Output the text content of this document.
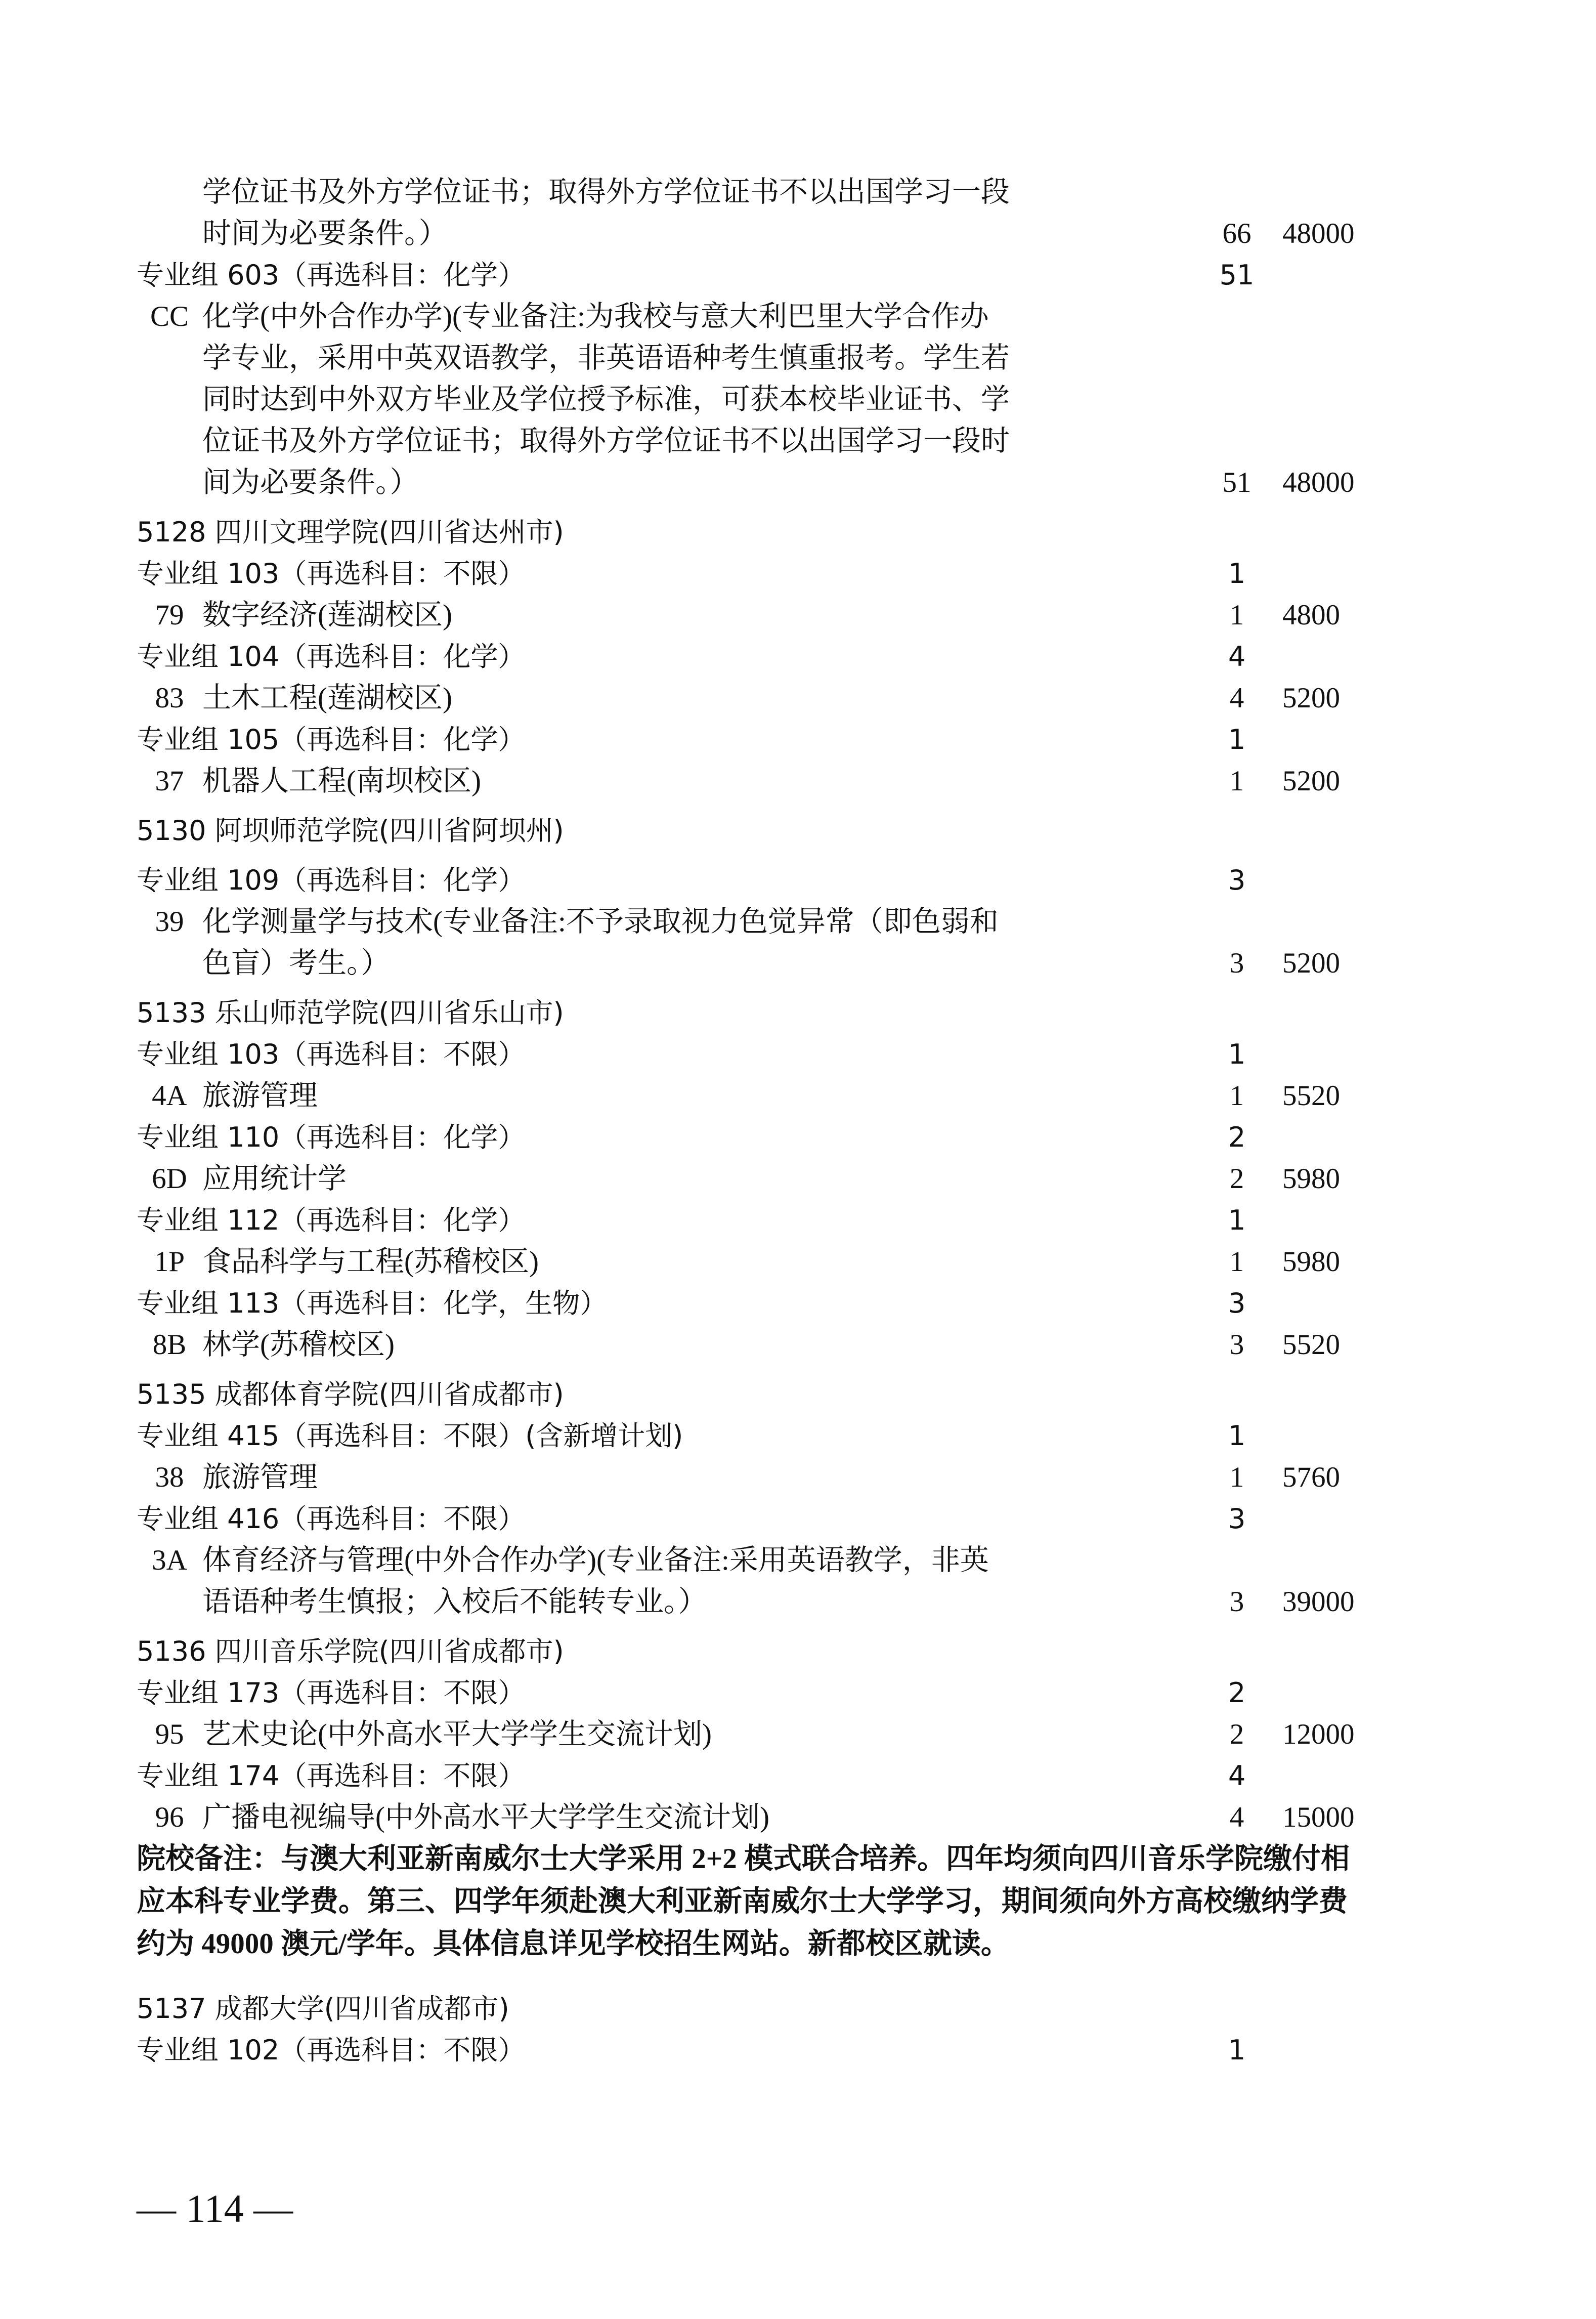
学位证书及外方学位证书；取得外方学位证书不以出国学习一段
时间为必要条件。）	66	48000
专业组 603（再选科目：化学）	51
CC 化学(中外合作办学)(专业备注:为我校与意大利巴里大学合作办
学专业，采用中英双语教学，非英语语种考生慎重报考。学生若
同时达到中外双方毕业及学位授予标准，可获本校毕业证书、学
位证书及外方学位证书；取得外方学位证书不以出国学习一段时
间为必要条件。）	51	48000
5128 四川文理学院(四川省达州市)
专业组 103（再选科目：不限）	1
79 数字经济(莲湖校区)	1	4800
专业组 104（再选科目：化学）	4
83 土木工程(莲湖校区)	4	5200
专业组 105（再选科目：化学）	1
37 机器人工程(南坝校区)	1	5200
5130 阿坝师范学院(四川省阿坝州)
专业组 109（再选科目：化学）	3
39 化学测量学与技术(专业备注:不予录取视力色觉异常（即色弱和
色盲）考生。）	3	5200
5133 乐山师范学院(四川省乐山市)
专业组 103（再选科目：不限）	1
4A 旅游管理	1	5520
专业组 110（再选科目：化学）	2
6D 应用统计学	2	5980
专业组 112（再选科目：化学）	1
1P 食品科学与工程(苏稽校区)	1	5980
专业组 113（再选科目：化学，生物）	3
8B 林学(苏稽校区)	3	5520
5135 成都体育学院(四川省成都市)
专业组 415（再选科目：不限）(含新增计划)	1
38 旅游管理	1	5760
专业组 416（再选科目：不限）	3
3A 体育经济与管理(中外合作办学)(专业备注:采用英语教学，非英
语语种考生慎报；入校后不能转专业。）	3	39000
5136 四川音乐学院(四川省成都市)
专业组 173（再选科目：不限）	2
95 艺术史论(中外高水平大学学生交流计划)	2	12000
专业组 174（再选科目：不限）	4
96 广播电视编导(中外高水平大学学生交流计划)	4	15000
5137 成都大学(四川省成都市)
专业组 102（再选科目：不限）	1
院校备注： 与澳大利亚新南威尔士大学采用 2+2 模式联合培养。四年均须向四川音乐学院缴付相
应本科专业学费。第三、四学年须赴澳大利亚新南威尔士大学学习，期间须向外方高校缴纳学费
约为 49000 澳元/学年。具体信息详见学校招生网站。新都校区就读。
— 114 —
